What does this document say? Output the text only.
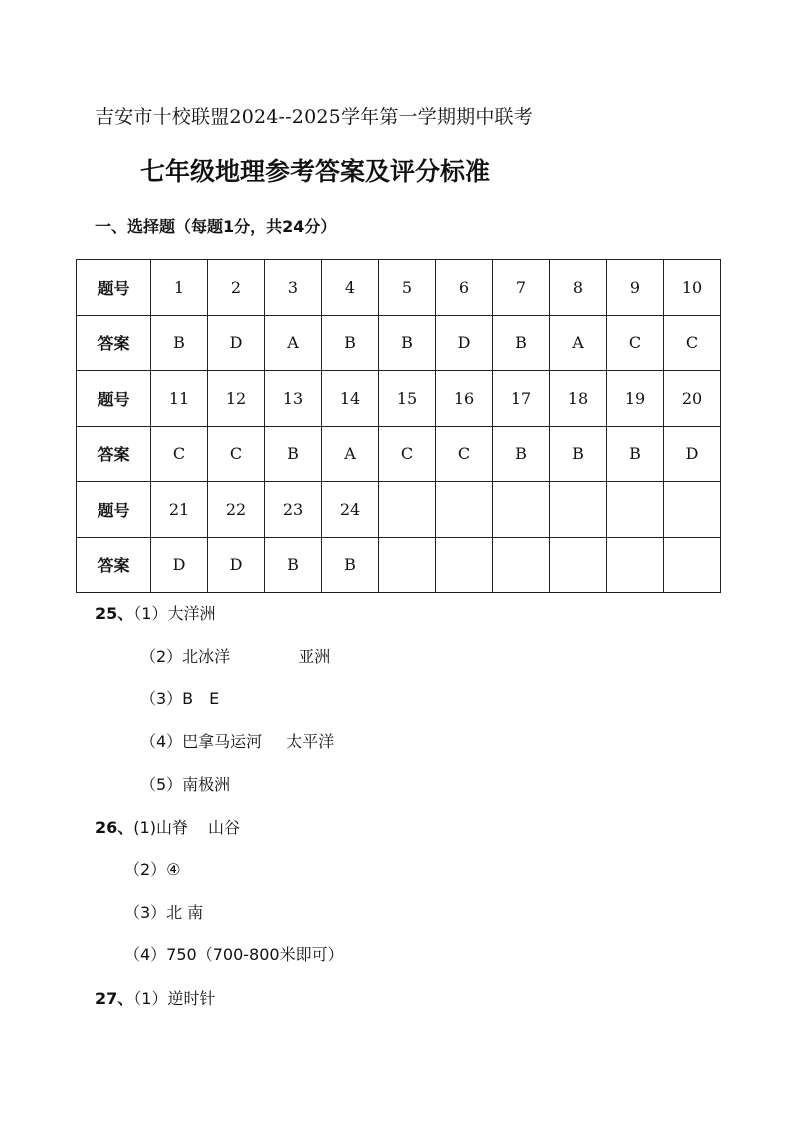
吉安市十校联盟2024--2025学年第一学期期中联考
七年级地理参考答案及评分标准
一、选择题（每题1分，共24分）
题号	1	2	3	4	5	6	7	8	9	10
答案	B	D	A	B	B	D	B	A	C	C
题号	11	12	13	14	15	16	17	18	19	20
答案	C	C	B	A	C	C	B	B	B	D
题号	21	22	23	24						
答案	D	D	B	B						
25、（1）大洋洲
（2）北冰洋	亚洲
（3）B　E
（4）巴拿马运河 太平洋
（5）南极洲
26、(1)山脊 山谷
（2）④
（3）北 南
（4）750（700-800米即可）
27、（1）逆时针
